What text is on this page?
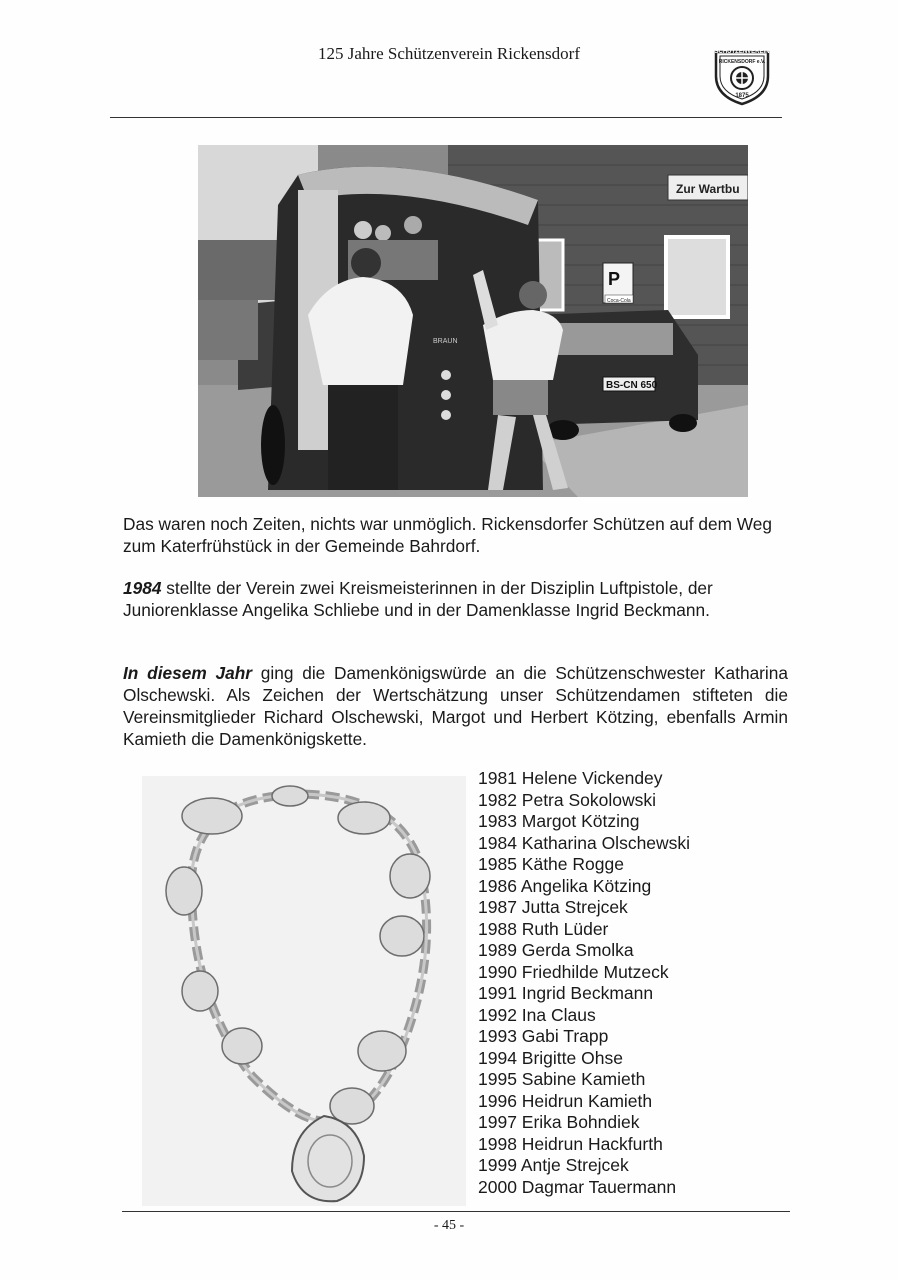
125 Jahre Schützenverein Rickensdorf	SCHÜTZENVEREIN
RICKENSDORF e.V.
1875
Zur Wartbu
P
Coca-Cola
BS-CN 650
BRAUN
Das waren noch Zeiten, nichts war unmöglich. Rickensdorfer Schützen auf dem Weg zum Katerfrühstück in der Gemeinde Bahrdorf.
1984 stellte der Verein zwei Kreismeisterinnen in der Disziplin Luftpistole, der Juniorenklasse Angelika Schliebe und in der Damenklasse Ingrid Beckmann.
In diesem Jahr ging die Damenkönigswürde an die Schützenschwester Katharina Olschewski. Als Zeichen der Wertschätzung unser Schützendamen stifteten die Vereinsmitglieder Richard Olschewski, Margot und Herbert Kötzing, ebenfalls Armin Kamieth die Damenkönigskette.
1981 Helene Vickendey
1982 Petra Sokolowski
1983 Margot Kötzing
1984 Katharina Olschewski
1985 Käthe Rogge
1986 Angelika Kötzing
1987 Jutta Strejcek
1988 Ruth Lüder
1989 Gerda Smolka
1990 Friedhilde Mutzeck
1991 Ingrid Beckmann
1992 Ina Claus
1993 Gabi Trapp
1994 Brigitte Ohse
1995 Sabine Kamieth
1996 Heidrun Kamieth
1997 Erika Bohndiek
1998 Heidrun Hackfurth
1999 Antje Strejcek
2000 Dagmar Tauermann
- 45 -
